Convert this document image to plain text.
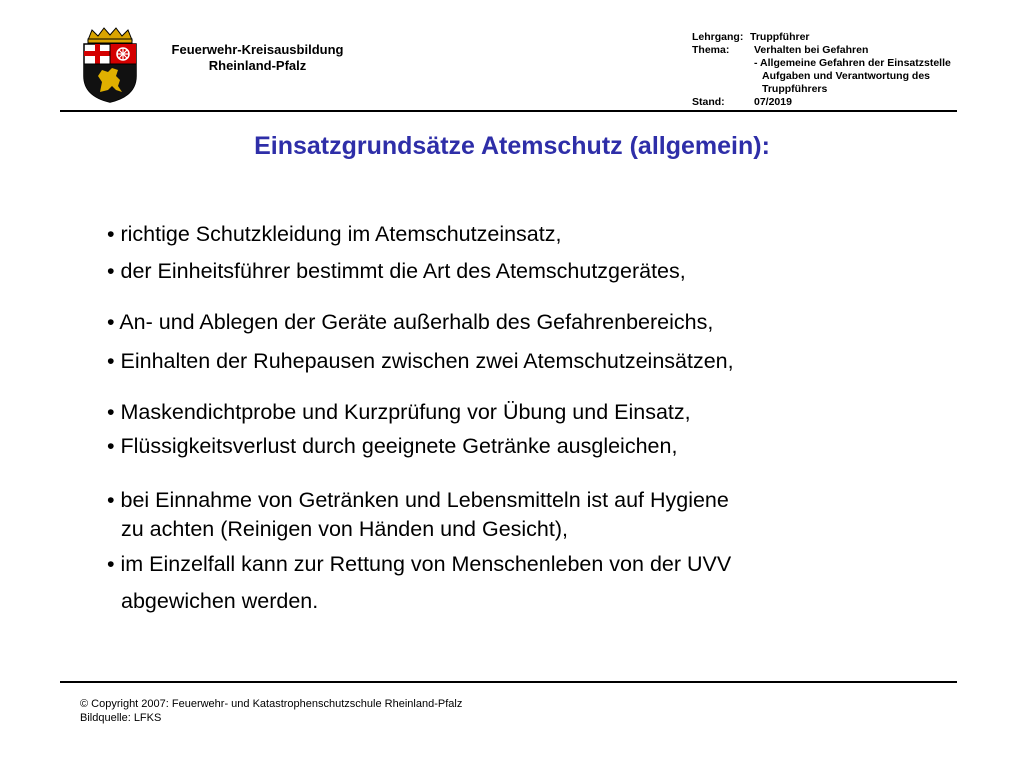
Feuerwehr-Kreisausbildung
Rheinland-Pfalz
Lehrgang: Truppführer
Thema: Verhalten bei Gefahren
- Allgemeine Gefahren der Einsatzstelle
Aufgaben und Verantwortung des
Truppführers
Stand:	07/2019
Einsatzgrundsätze Atemschutz (allgemein):
• richtige Schutzkleidung im Atemschutzeinsatz,
• der Einheitsführer bestimmt die Art des Atemschutzgerätes,
• An- und Ablegen der Geräte außerhalb des Gefahrenbereichs,
• Einhalten der Ruhepausen zwischen zwei Atemschutzeinsätzen,
• Maskendichtprobe und Kurzprüfung vor Übung und Einsatz,
• Flüssigkeitsverlust durch geeignete Getränke ausgleichen,
• bei Einnahme von Getränken und Lebensmitteln ist auf Hygiene
zu achten (Reinigen von Händen und Gesicht),
• im Einzelfall kann zur Rettung von Menschenleben von der UVV
abgewichen werden.
© Copyright 2007: Feuerwehr- und Katastrophenschutzschule Rheinland-Pfalz
Bildquelle: LFKS
